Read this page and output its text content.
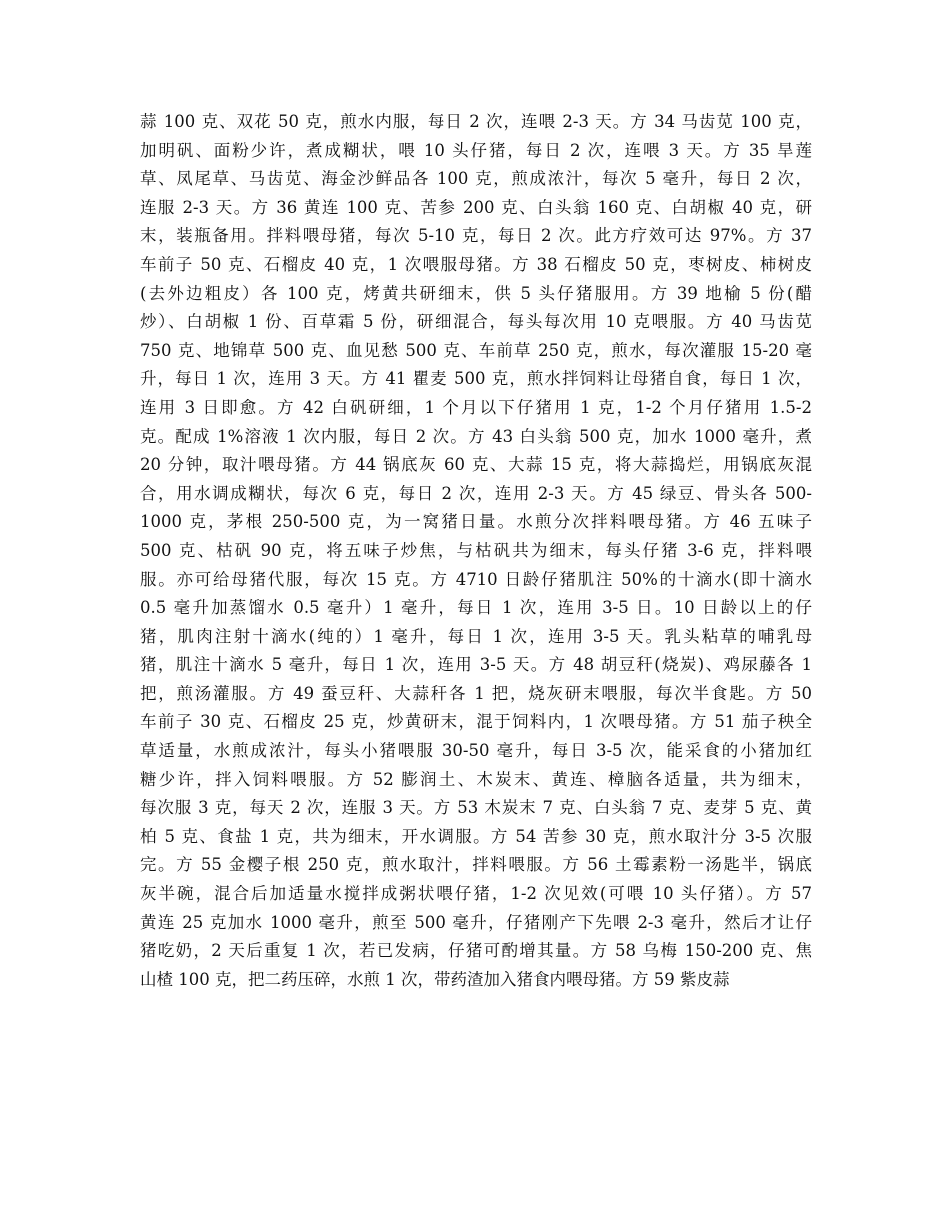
蒜 100 克、双花 50 克，煎水内服，每日 2 次，连喂 2-3 天。方 34 马齿苋 100 克，
加明矾、面粉少许，煮成糊状，喂 10 头仔猪，每日 2 次，连喂 3 天。方 35 旱莲
草、凤尾草、马齿苋、海金沙鲜品各 100 克，煎成浓汁，每次 5 毫升，每日 2 次，
连服 2-3 天。方 36 黄连 100 克、苦参 200 克、白头翁 160 克、白胡椒 40 克，研
末，装瓶备用。拌料喂母猪，每次 5-10 克，每日 2 次。此方疗效可达 97%。方 37
车前子 50 克、石榴皮 40 克，1 次喂服母猪。方 38 石榴皮 50 克，枣树皮、柿树皮
(去外边粗皮）各 100 克，烤黄共研细末，供 5 头仔猪服用。方 39 地榆 5 份(醋
炒）、白胡椒 1 份、百草霜 5 份，研细混合，每头每次用 10 克喂服。方 40 马齿苋
750 克、地锦草 500 克、血见愁 500 克、车前草 250 克，煎水，每次灌服 15-20 毫
升，每日 1 次，连用 3 天。方 41 瞿麦 500 克，煎水拌饲料让母猪自食，每日 1 次，
连用 3 日即愈。方 42 白矾研细，1 个月以下仔猪用 1 克，1-2 个月仔猪用 1.5-2
克。配成 1%溶液 1 次内服，每日 2 次。方 43 白头翁 500 克，加水 1000 毫升，煮
20 分钟，取汁喂母猪。方 44 锅底灰 60 克、大蒜 15 克，将大蒜捣烂，用锅底灰混
合，用水调成糊状，每次 6 克，每日 2 次，连用 2-3 天。方 45 绿豆、骨头各 500-
1000 克，茅根 250-500 克，为一窝猪日量。水煎分次拌料喂母猪。方 46 五味子
500 克、枯矾 90 克，将五味子炒焦，与枯矾共为细末，每头仔猪 3-6 克，拌料喂
服。亦可给母猪代服，每次 15 克。方 4710 日龄仔猪肌注 50%的十滴水(即十滴水
0.5 毫升加蒸馏水 0.5 毫升）1 毫升，每日 1 次，连用 3-5 日。10 日龄以上的仔
猪，肌肉注射十滴水(纯的）1 毫升，每日 1 次，连用 3-5 天。乳头粘草的哺乳母
猪，肌注十滴水 5 毫升，每日 1 次，连用 3-5 天。方 48 胡豆秆(烧炭)、鸡尿藤各 1
把，煎汤灌服。方 49 蚕豆秆、大蒜秆各 1 把，烧灰研末喂服，每次半食匙。方 50
车前子 30 克、石榴皮 25 克，炒黄研末，混于饲料内，1 次喂母猪。方 51 茄子秧全
草适量，水煎成浓汁，每头小猪喂服 30-50 毫升，每日 3-5 次，能采食的小猪加红
糖少许，拌入饲料喂服。方 52 膨润土、木炭末、黄连、樟脑各适量，共为细末，
每次服 3 克，每天 2 次，连服 3 天。方 53 木炭末 7 克、白头翁 7 克、麦芽 5 克、黄
柏 5 克、食盐 1 克，共为细末，开水调服。方 54 苦参 30 克，煎水取汁分 3-5 次服
完。方 55 金樱子根 250 克，煎水取汁，拌料喂服。方 56 土霉素粉一汤匙半，锅底
灰半碗，混合后加适量水搅拌成粥状喂仔猪，1-2 次见效(可喂 10 头仔猪）。方 57
黄连 25 克加水 1000 毫升，煎至 500 毫升，仔猪刚产下先喂 2-3 毫升，然后才让仔
猪吃奶，2 天后重复 1 次，若已发病，仔猪可酌增其量。方 58 乌梅 150-200 克、焦
山楂 100 克，把二药压碎，水煎 1 次，带药渣加入猪食内喂母猪。方 59 紫皮蒜
